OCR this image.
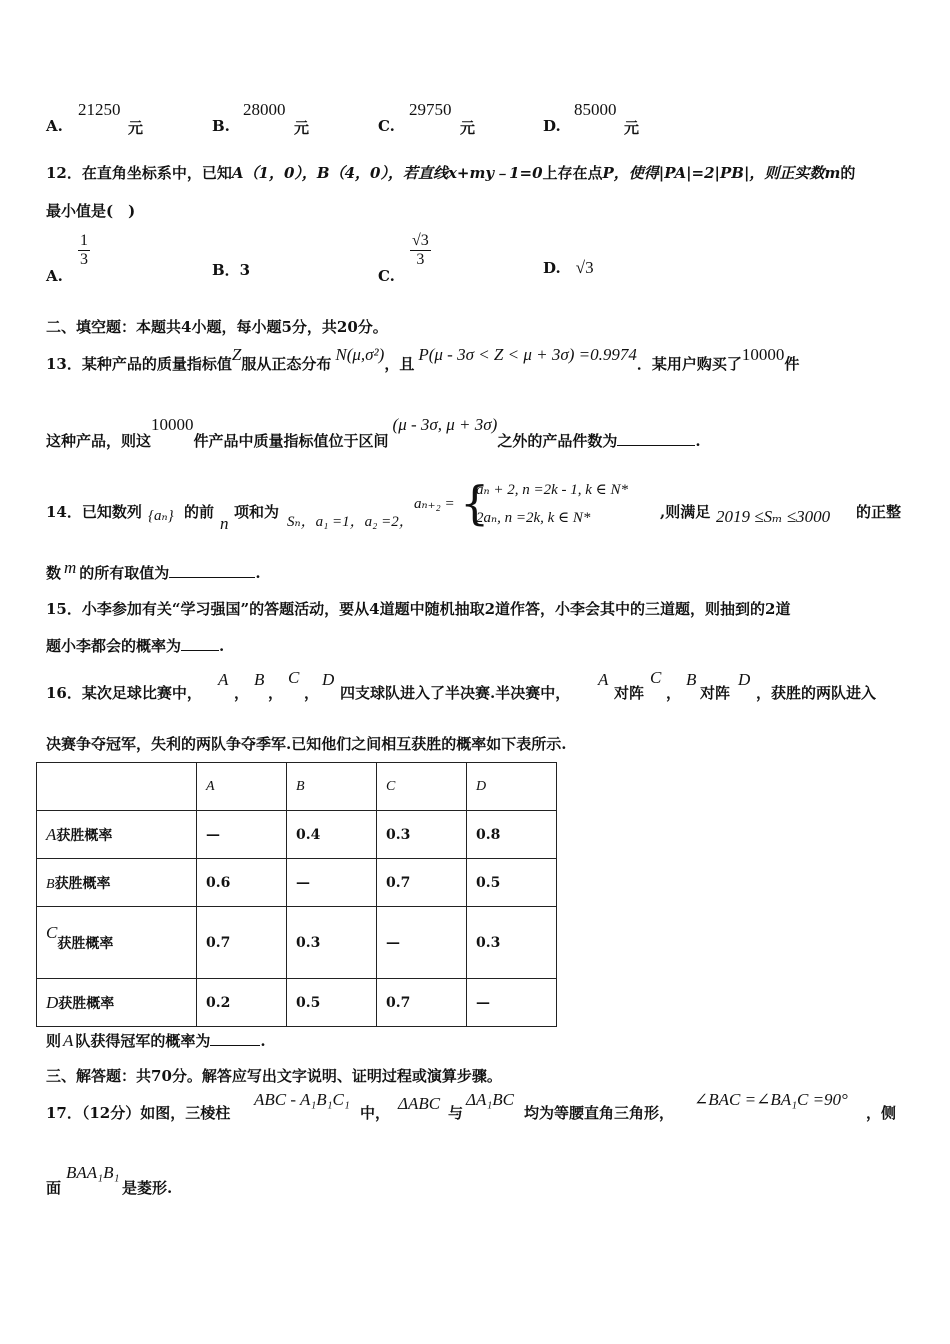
A.
21250
元	B.
28000
元	C.
29750
元	D.
85000
元
12．在直角坐标系中，已知A（1，0），B（4，0），若直线x+my﹣1=0上存在点P，使得|PA|=2|PB|，则正实数m的
最小值是(　)
A.
$\frac{1}{3}$
B．3	C.
$\frac{√3}{3}$	D. √3
二、填空题：本题共4小题，每小题5分，共20分。
13．某种产品的质量指标值Z服从正态分布 N(μ,σ²)，且 P(μ - 3σ < Z < μ + 3σ) =0.9974．某用户购买了10000件
这种产品，则这10000件产品中质量指标值位于区间(μ - 3σ, μ + 3σ)之外的产品件数为	.
14．已知数列 {aₙ} 的前
n
项和为
Sₙ，a₁ =1，a₂ =2，
aₙ₊₂ = {
aₙ + 2, n =2k - 1, k ∈ N*
2aₙ, n =2k, k ∈ N*	,则满足 2019 ≤Sₘ ≤3000 的正整
数 m 的所有取值为	.
15．小李参加有关“学习强国”的答题活动，要从4道题中随机抽取2道作答，小李会其中的三道题，则抽到的2道
题小李都会的概率为	.
16．某次足球比赛中，
A
，
B
，
C
，
D
四支球队进入了半决赛.半决赛中，
A
对阵
C
，
B
对阵
D
，获胜的两队进入
决赛争夺冠军，失利的两队争夺季军.已知他们之间相互获胜的概率如下表所示.
	A	B	C	D
A获胜概率	—	0.4	0.3	0.8
B获胜概率	0.6	—	0.7	0.5
C获胜概率	0.7	0.3	—	0.3
D获胜概率	0.2	0.5	0.7	—
则 A 队获得冠军的概率为	.
三、解答题：共70分。解答应写出文字说明、证明过程或演算步骤。
17．（12分）如图，三棱柱
ABC - A₁B₁C₁
中， ΔABC 与
ΔA₁BC
均为等腰直角三角形，
∠BAC =∠BA₁C =90°
，侧
面
BAA₁B₁
是菱形.
